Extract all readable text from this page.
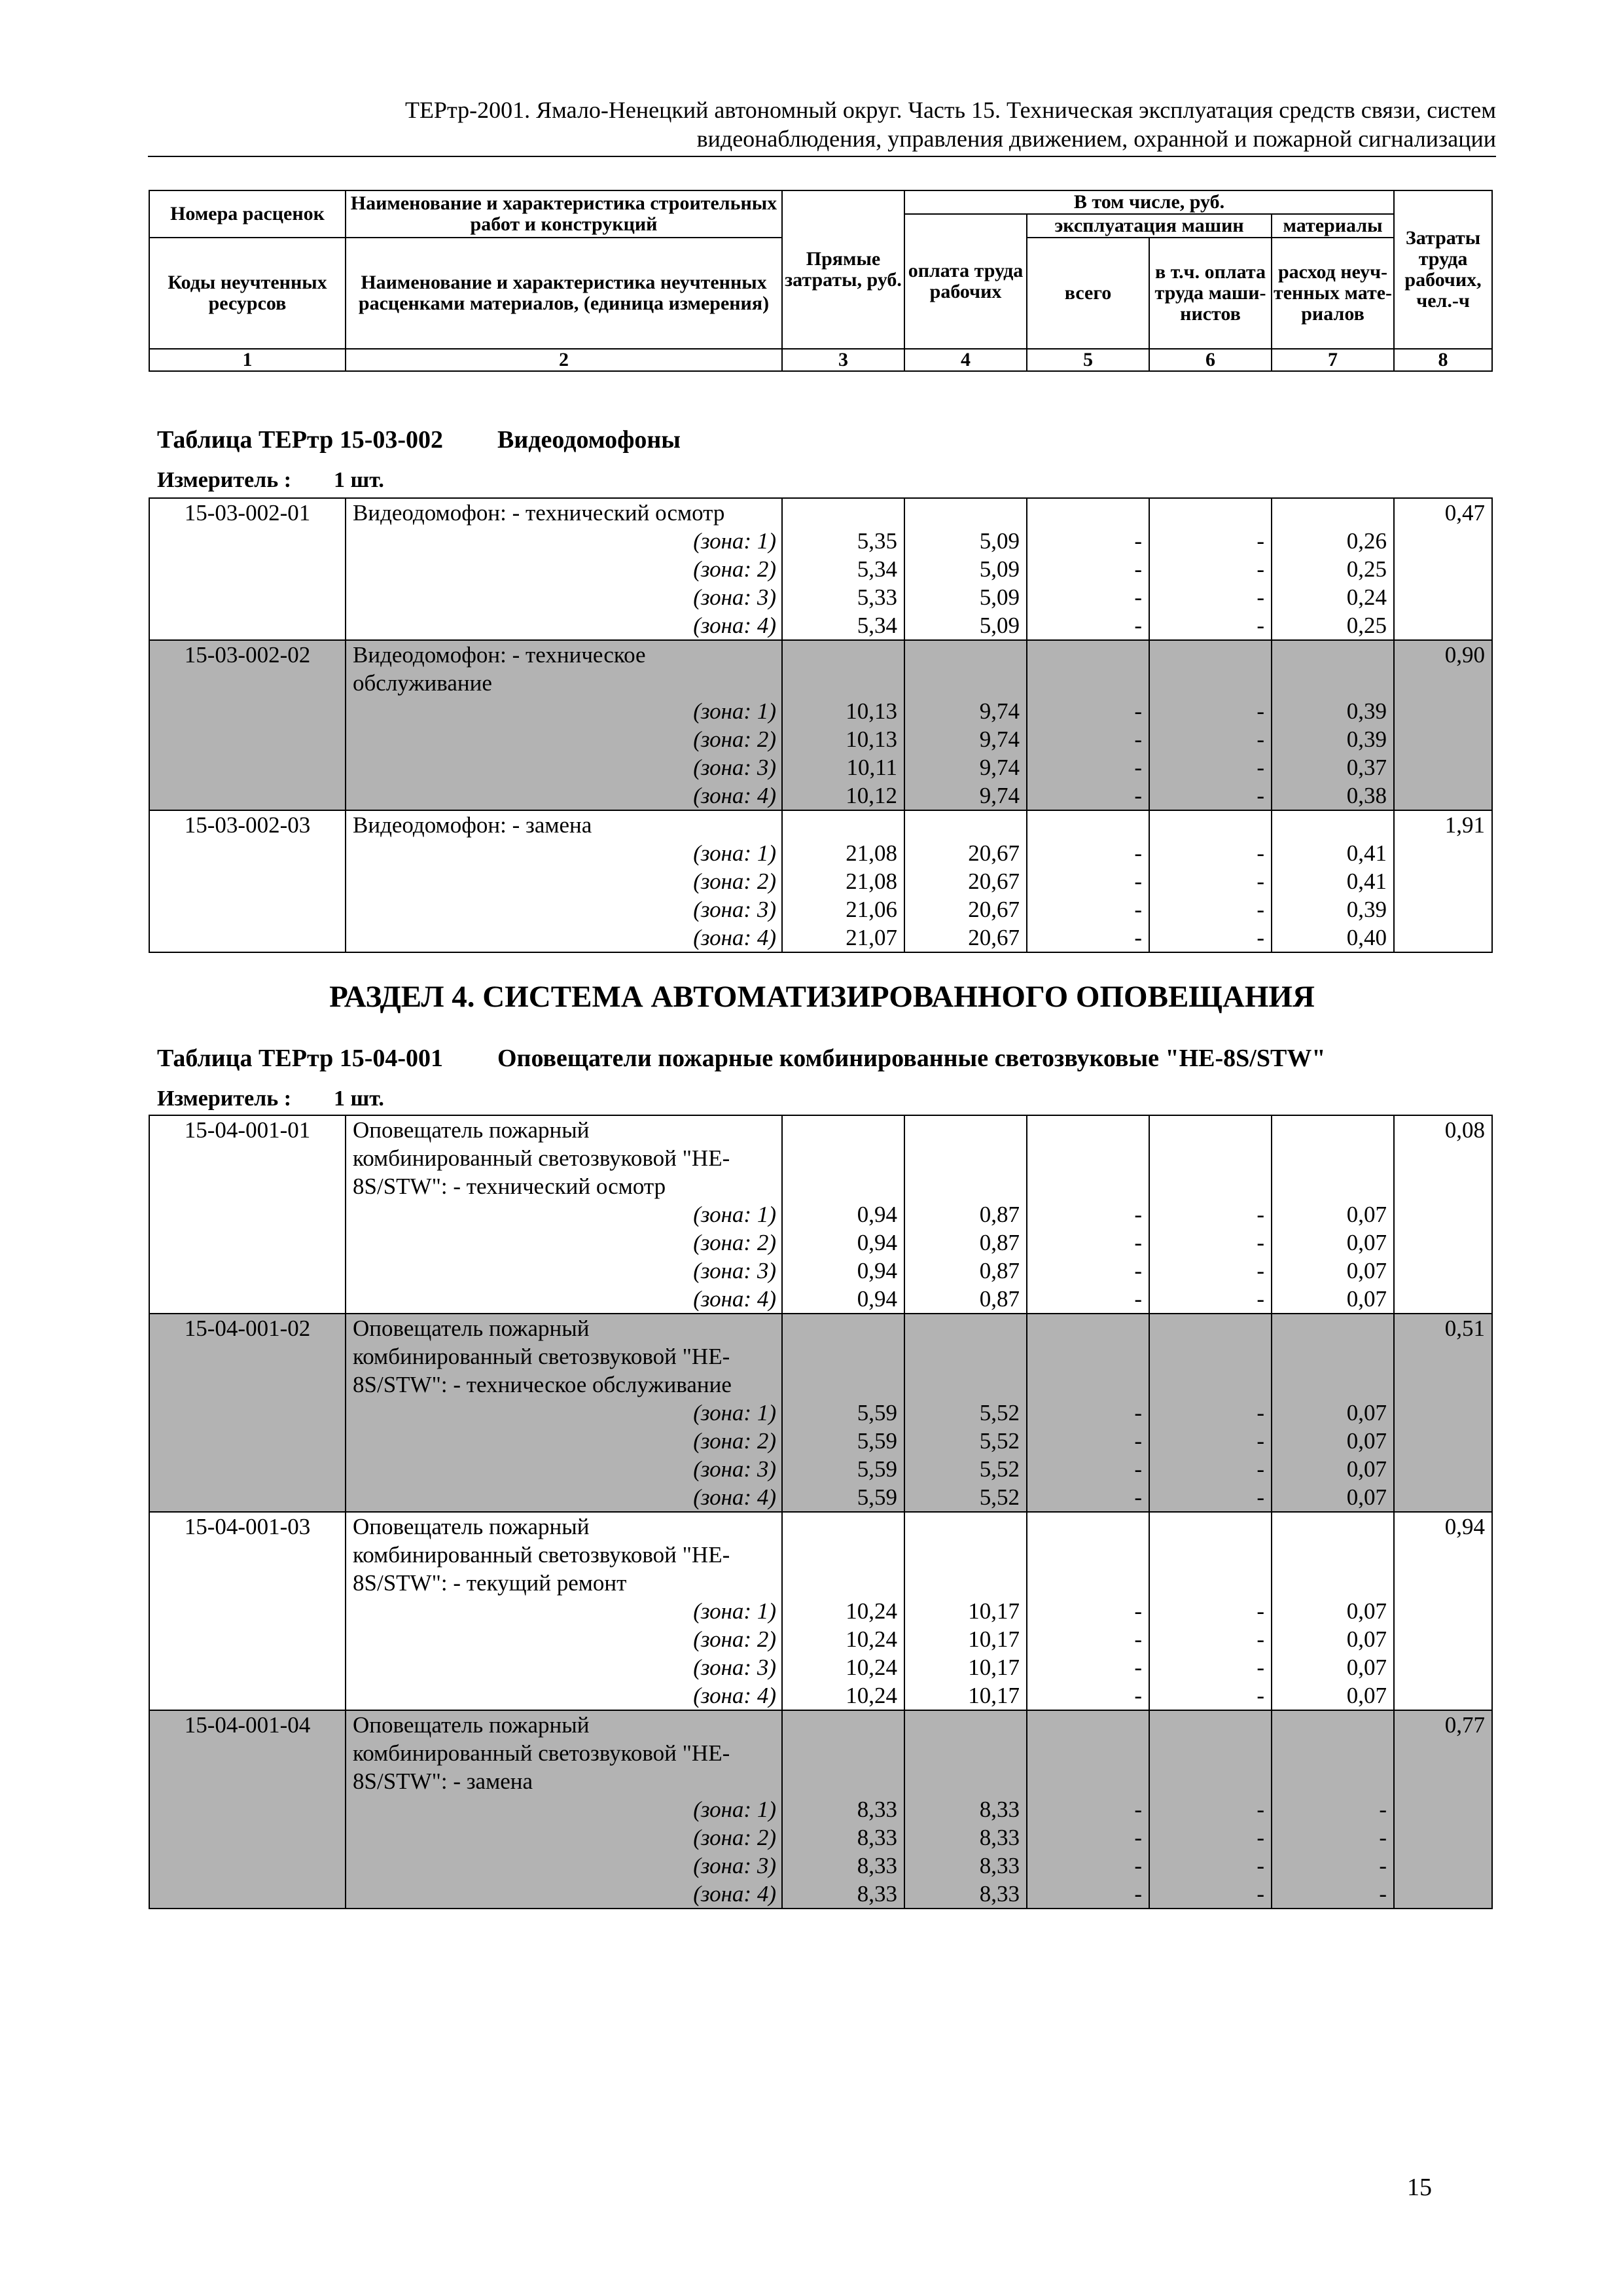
ТЕРтр-2001. Ямало-Ненецкий автономный округ. Часть 15. Техническая эксплуатация средств связи, систем
видеонаблюдения, управления движением, охранной и пожарной сигнализации
Номера расценок	Наименование и характеристика строительных работ и конструкций	Прямые затраты, руб.	В том числе, руб.				Затраты труда рабочих, чел.-ч
			оплата труда рабочих	эксплуатация машин		материалы	
Коды неучтенных ресурсов	Наименование и характеристика неучтенных расценками материалов, (единица измерения)			всего	в т.ч. оплата труда маши-нистов	расход неуч-тенных мате-риалов	

1	2	3	4	5	6	7	8
Таблица ТЕРтр 15-03-002 Видеодомофоны
Измеритель : 1 шт.
15-03-002-01	Видеодомофон: - технический осмотр						0,47
	(зона: 1)	5,35	5,09	-	-	0,26	
	(зона: 2)	5,34	5,09	-	-	0,25	
	(зона: 3)	5,33	5,09	-	-	0,24	
	(зона: 4)	5,34	5,09	-	-	0,25	
15-03-002-02	Видеодомофон: - техническое						0,90
	обслуживание						
	(зона: 1)	10,13	9,74	-	-	0,39	
	(зона: 2)	10,13	9,74	-	-	0,39	
	(зона: 3)	10,11	9,74	-	-	0,37	
	(зона: 4)	10,12	9,74	-	-	0,38	
15-03-002-03	Видеодомофон: - замена						1,91
	(зона: 1)	21,08	20,67	-	-	0,41	
	(зона: 2)	21,08	20,67	-	-	0,41	
	(зона: 3)	21,06	20,67	-	-	0,39	
	(зона: 4)	21,07	20,67	-	-	0,40	
РАЗДЕЛ 4. СИСТЕМА АВТОМАТИЗИРОВАННОГО ОПОВЕЩАНИЯ
Таблица ТЕРтр 15-04-001 Оповещатели пожарные комбинированные светозвуковые "HE-8S/STW"
Измеритель : 1 шт.
15-04-001-01	Оповещатель пожарный						0,08
	комбинированный светозвуковой "HE-						
	8S/STW": - технический осмотр						
	(зона: 1)	0,94	0,87	-	-	0,07	
	(зона: 2)	0,94	0,87	-	-	0,07	
	(зона: 3)	0,94	0,87	-	-	0,07	
	(зона: 4)	0,94	0,87	-	-	0,07	
15-04-001-02	Оповещатель пожарный						0,51
	комбинированный светозвуковой "HE-						
	8S/STW": - техническое обслуживание						
	(зона: 1)	5,59	5,52	-	-	0,07	
	(зона: 2)	5,59	5,52	-	-	0,07	
	(зона: 3)	5,59	5,52	-	-	0,07	
	(зона: 4)	5,59	5,52	-	-	0,07	
15-04-001-03	Оповещатель пожарный						0,94
	комбинированный светозвуковой "HE-						
	8S/STW": - текущий ремонт						
	(зона: 1)	10,24	10,17	-	-	0,07	
	(зона: 2)	10,24	10,17	-	-	0,07	
	(зона: 3)	10,24	10,17	-	-	0,07	
	(зона: 4)	10,24	10,17	-	-	0,07	
15-04-001-04	Оповещатель пожарный						0,77
	комбинированный светозвуковой "HE-						
	8S/STW": - замена						
	(зона: 1)	8,33	8,33	-	-	-	
	(зона: 2)	8,33	8,33	-	-	-	
	(зона: 3)	8,33	8,33	-	-	-	
	(зона: 4)	8,33	8,33	-	-	-	
15
